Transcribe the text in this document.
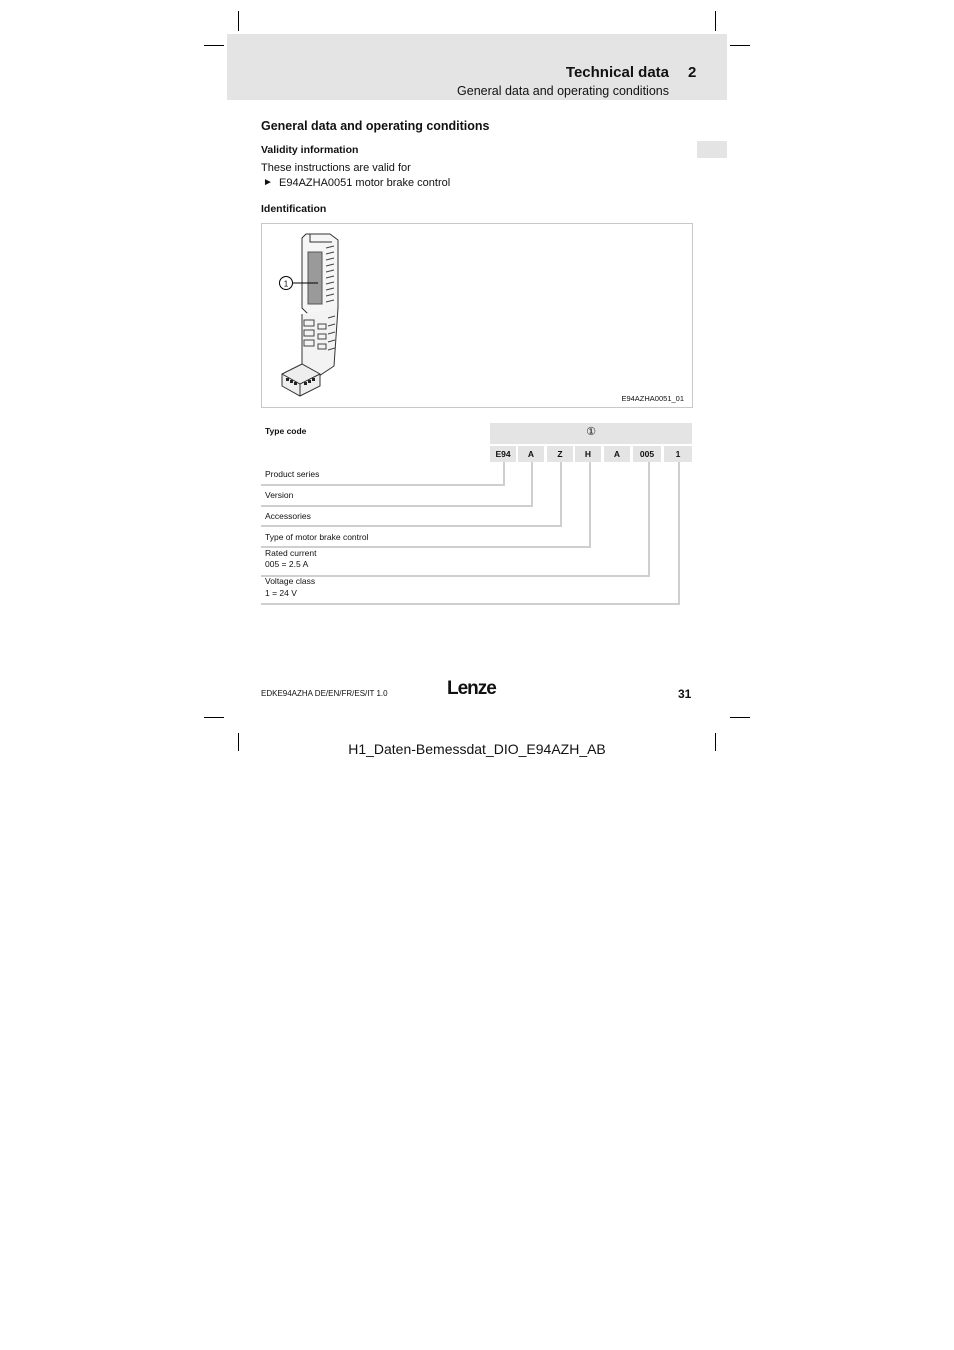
Technical data 2
General data and operating conditions
General data and operating conditions
Validity information
These instructions are valid for
► E94AZHA0051 motor brake control
Identification
1
E94AZHA0051_01
Type code	①
E94	A	Z	H	A	005	1
Product series
Version
Accessories
Type of motor brake control
Rated current
005 = 2.5 A
Voltage class
1 = 24 V
EDKE94AZHA DE/EN/FR/ES/IT 1.0	Lenze	31
H1_Daten-Bemessdat_DIO_E94AZH_AB
